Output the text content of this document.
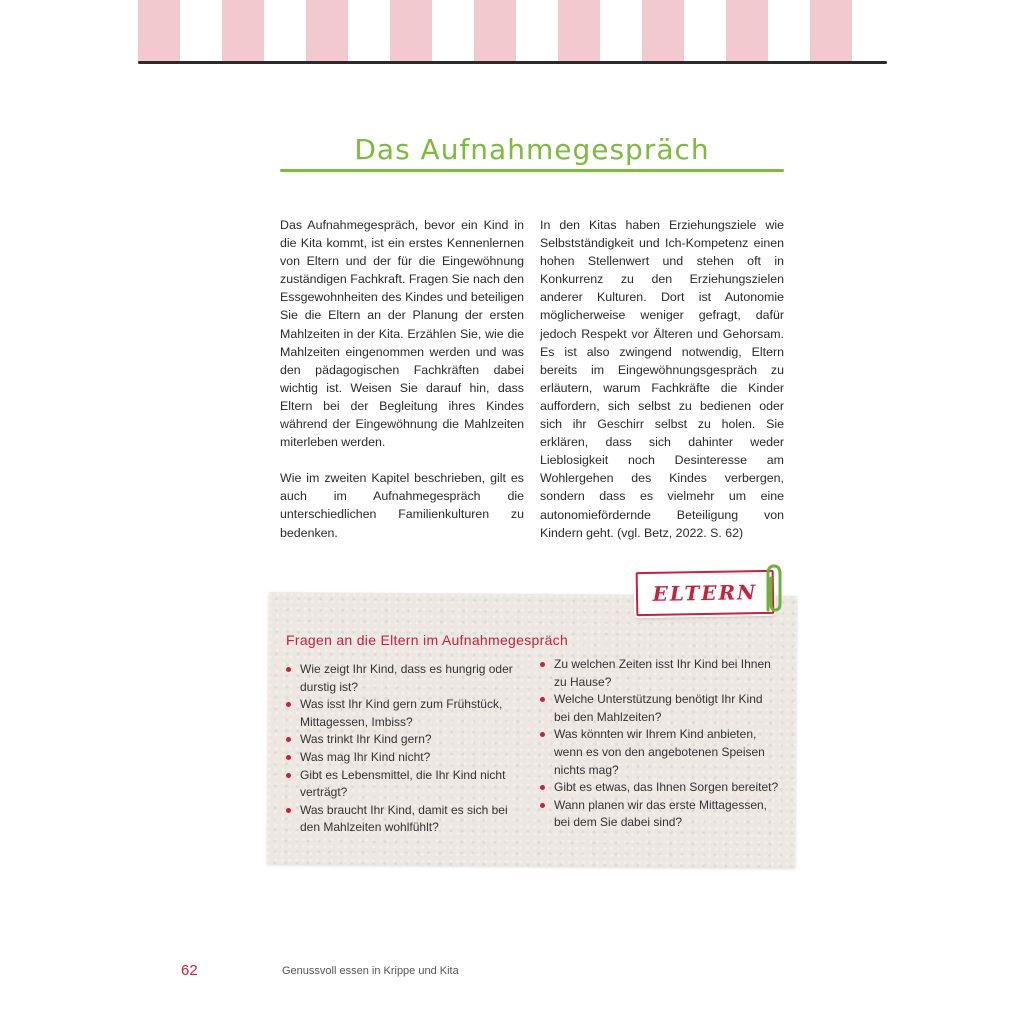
Das Aufnahmegespräch

Das Aufnahmegespräch, bevor ein Kind in die Kita kommt, ist ein erstes Kennenlernen von Eltern und der für die Eingewöhnung zuständigen Fachkraft. Fragen Sie nach den Essgewohnheiten des Kindes und beteiligen Sie die Eltern an der Planung der ersten Mahlzeiten in der Kita. Erzählen Sie, wie die Mahlzeiten eingenommen werden und was den pädagogischen Fachkräften dabei wichtig ist. Weisen Sie darauf hin, dass Eltern bei der Begleitung ihres Kindes während der Eingewöhnung die Mahlzeiten miterleben werden.

Wie im zweiten Kapitel beschrieben, gilt es auch im Aufnahmegespräch die unterschiedlichen Familienkulturen zu bedenken.

In den Kitas haben Erziehungsziele wie Selbstständigkeit und Ich-Kompetenz einen hohen Stellenwert und stehen oft in Konkurrenz zu den Erziehungszielen anderer Kulturen. Dort ist Autonomie möglicherweise weniger gefragt, dafür jedoch Respekt vor Älteren und Gehorsam. Es ist also zwingend notwendig, Eltern bereits im Eingewöhnungsgespräch zu erläutern, warum Fachkräfte die Kinder auffordern, sich selbst zu bedienen oder sich ihr Geschirr selbst zu holen. Sie erklären, dass sich dahinter weder Lieblosigkeit noch Desinteresse am Wohlergehen des Kindes verbergen, sondern dass es vielmehr um eine autonomiefördernde Beteiligung von Kindern geht. (vgl. Betz, 2022. S. 62)

ELTERN
Fragen an die Eltern im Aufnahmegespräch
Wie zeigt Ihr Kind, dass es hungrig oder durstig ist?
Was isst Ihr Kind gern zum Frühstück, Mittagessen, Imbiss?
Was trinkt Ihr Kind gern?
Was mag Ihr Kind nicht?
Gibt es Lebensmittel, die Ihr Kind nicht verträgt?
Was braucht Ihr Kind, damit es sich bei den Mahlzeiten wohlfühlt?
Zu welchen Zeiten isst Ihr Kind bei Ihnen zu Hause?
Welche Unterstützung benötigt Ihr Kind bei den Mahlzeiten?
Was könnten wir Ihrem Kind anbieten, wenn es von den angebotenen Speisen nichts mag?
Gibt es etwas, das Ihnen Sorgen bereitet?
Wann planen wir das erste Mittagessen, bei dem Sie dabei sind?
62	Genussvoll essen in Krippe und Kita
